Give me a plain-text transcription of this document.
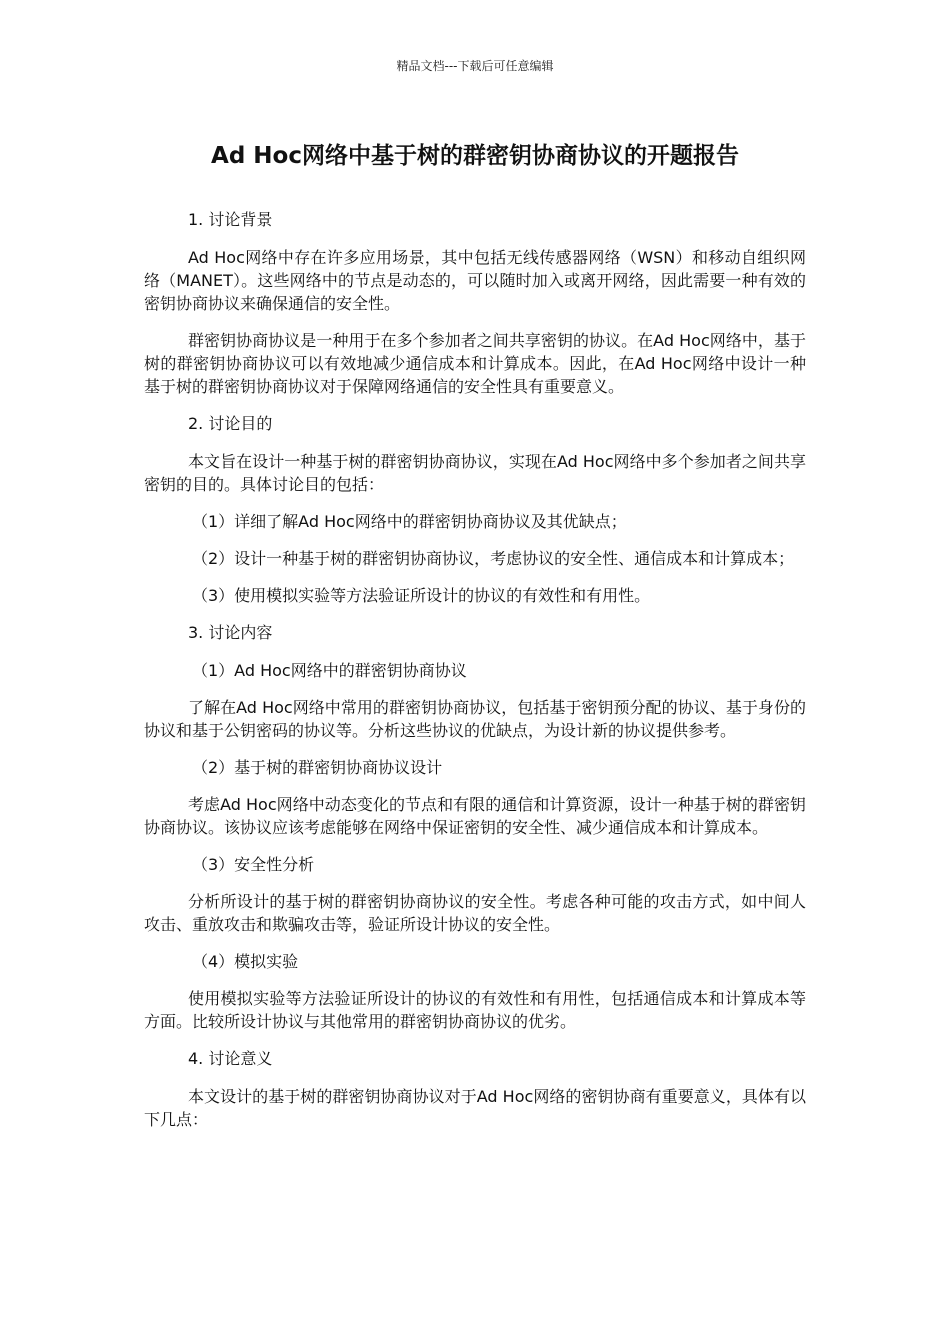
精品文档---下载后可任意编辑
Ad Hoc网络中基于树的群密钥协商协议的开题报告
1. 讨论背景
Ad Hoc网络中存在许多应用场景，其中包括无线传感器网络（WSN）和移动自组织网络（MANET）。这些网络中的节点是动态的，可以随时加入或离开网络，因此需要一种有效的密钥协商协议来确保通信的安全性。
群密钥协商协议是一种用于在多个参加者之间共享密钥的协议。在Ad Hoc网络中，基于树的群密钥协商协议可以有效地减少通信成本和计算成本。因此，在Ad Hoc网络中设计一种基于树的群密钥协商协议对于保障网络通信的安全性具有重要意义。
2. 讨论目的
本文旨在设计一种基于树的群密钥协商协议，实现在Ad Hoc网络中多个参加者之间共享密钥的目的。具体讨论目的包括：
（1）详细了解Ad Hoc网络中的群密钥协商协议及其优缺点；
（2）设计一种基于树的群密钥协商协议，考虑协议的安全性、通信成本和计算成本；
（3）使用模拟实验等方法验证所设计的协议的有效性和有用性。
3. 讨论内容
（1）Ad Hoc网络中的群密钥协商协议
了解在Ad Hoc网络中常用的群密钥协商协议，包括基于密钥预分配的协议、基于身份的协议和基于公钥密码的协议等。分析这些协议的优缺点，为设计新的协议提供参考。
（2）基于树的群密钥协商协议设计
考虑Ad Hoc网络中动态变化的节点和有限的通信和计算资源，设计一种基于树的群密钥协商协议。该协议应该考虑能够在网络中保证密钥的安全性、减少通信成本和计算成本。
（3）安全性分析
分析所设计的基于树的群密钥协商协议的安全性。考虑各种可能的攻击方式，如中间人攻击、重放攻击和欺骗攻击等，验证所设计协议的安全性。
（4）模拟实验
使用模拟实验等方法验证所设计的协议的有效性和有用性，包括通信成本和计算成本等方面。比较所设计协议与其他常用的群密钥协商协议的优劣。
4. 讨论意义
本文设计的基于树的群密钥协商协议对于Ad Hoc网络的密钥协商有重要意义，具体有以下几点：
